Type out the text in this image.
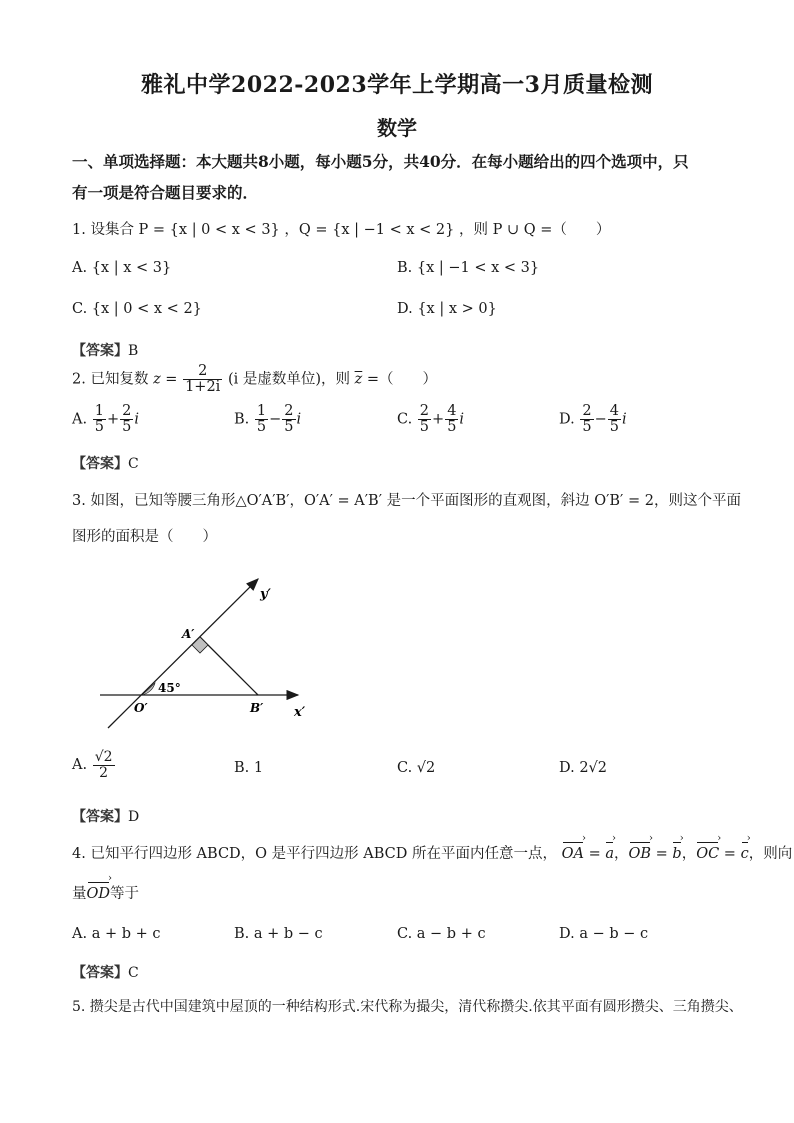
雅礼中学2022-2023学年上学期高一3月质量检测
数学
一、单项选择题：本大题共8小题，每小题5分，共40分．在每小题给出的四个选项中，只
有一项是符合题目要求的．
1. 设集合 P = {x | 0 < x < 3} ，Q = {x | −1 < x < 2} ，则 P ∪ Q =（　　）
A. {x | x < 3}	B. {x | −1 < x < 3}
C. {x | 0 < x < 2}	D. {x | x > 0}
【答案】B
2. 已知复数 $z = \frac{2}{1+2i} (i$ 是虚数单位)，则 $\overline{z}$ =（　　）
A. $\frac{1}{5} + \frac{2}{5}$ i	B. $\frac{1}{5} - \frac{2}{5}$ i	C. $\frac{2}{5} + \frac{4}{5}$ i	D. $\frac{2}{5} - \frac{4}{5}$ i
【答案】C
3. 如图，已知等腰三角形△O′A′B′，O′A′ = A′B′ 是一个平面图形的直观图，斜边 O′B′ = 2，则这个平面
图形的面积是（　　）
y′
x′
A′
O′	B′
45°
A. $\frac{√2}{2}$	B. 1	C. √2	D. 2√2
【答案】D
4. 已知平行四边形 ABCD，O 是平行四边形 ABCD 所在平面内任意一点， OA › = a ›，OB › = b ›，OC › = c ›，则向
量OD ›等于
A. a + b + c	B. a + b − c	C. a − b + c	D. a − b − c
【答案】C
5. 攒尖是古代中国建筑中屋顶的一种结构形式.宋代称为撮尖，清代称攒尖.依其平面有圆形攒尖、三角攒尖、
